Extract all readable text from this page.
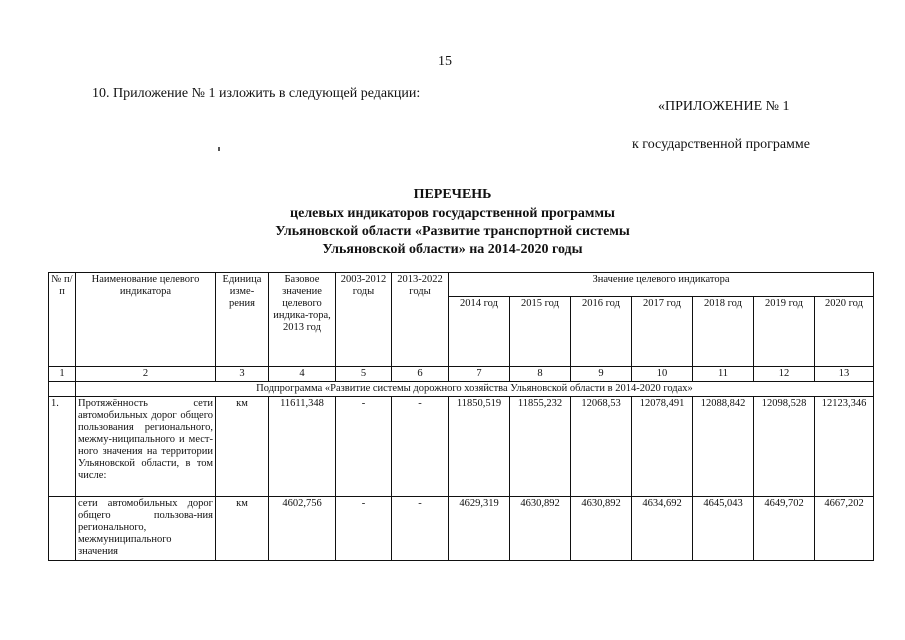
15
10. Приложение № 1 изложить в следующей редакции:
«ПРИЛОЖЕНИЕ № 1
к государственной программе
ПЕРЕЧЕНЬ
целевых индикаторов государственной программы
Ульяновской области «Развитие транспортной системы
Ульяновской области» на 2014-2020 годы
№ п/п	Наименование целевого индикатора	Единица изме-рения	Базовое значение целевого индика-тора, 2013 год	2003-2012 годы	2013-2022 годы	Значение целевого индикатора						
						2014 год	2015 год	2016 год	2017 год	2018 год	2019 год	2020 год
1	2	3	4	5	6	7	8	9	10	11	12	13
	Подпрограмма «Развитие системы дорожного хозяйства Ульяновской области в 2014-2020 годах»											
1.	Протяжённость сети автомобильных дорог общего пользования регионального, межму-ниципального и мест-ного значения на территории Ульяновской области, в том числе:	км	11611,348	-	-	11850,519	11855,232	12068,53	12078,491	12088,842	12098,528	12123,346
	сети автомобильных дорог общего пользова-ния регионального, межмуниципального значения	км	4602,756	-	-	4629,319	4630,892	4630,892	4634,692	4645,043	4649,702	4667,202
